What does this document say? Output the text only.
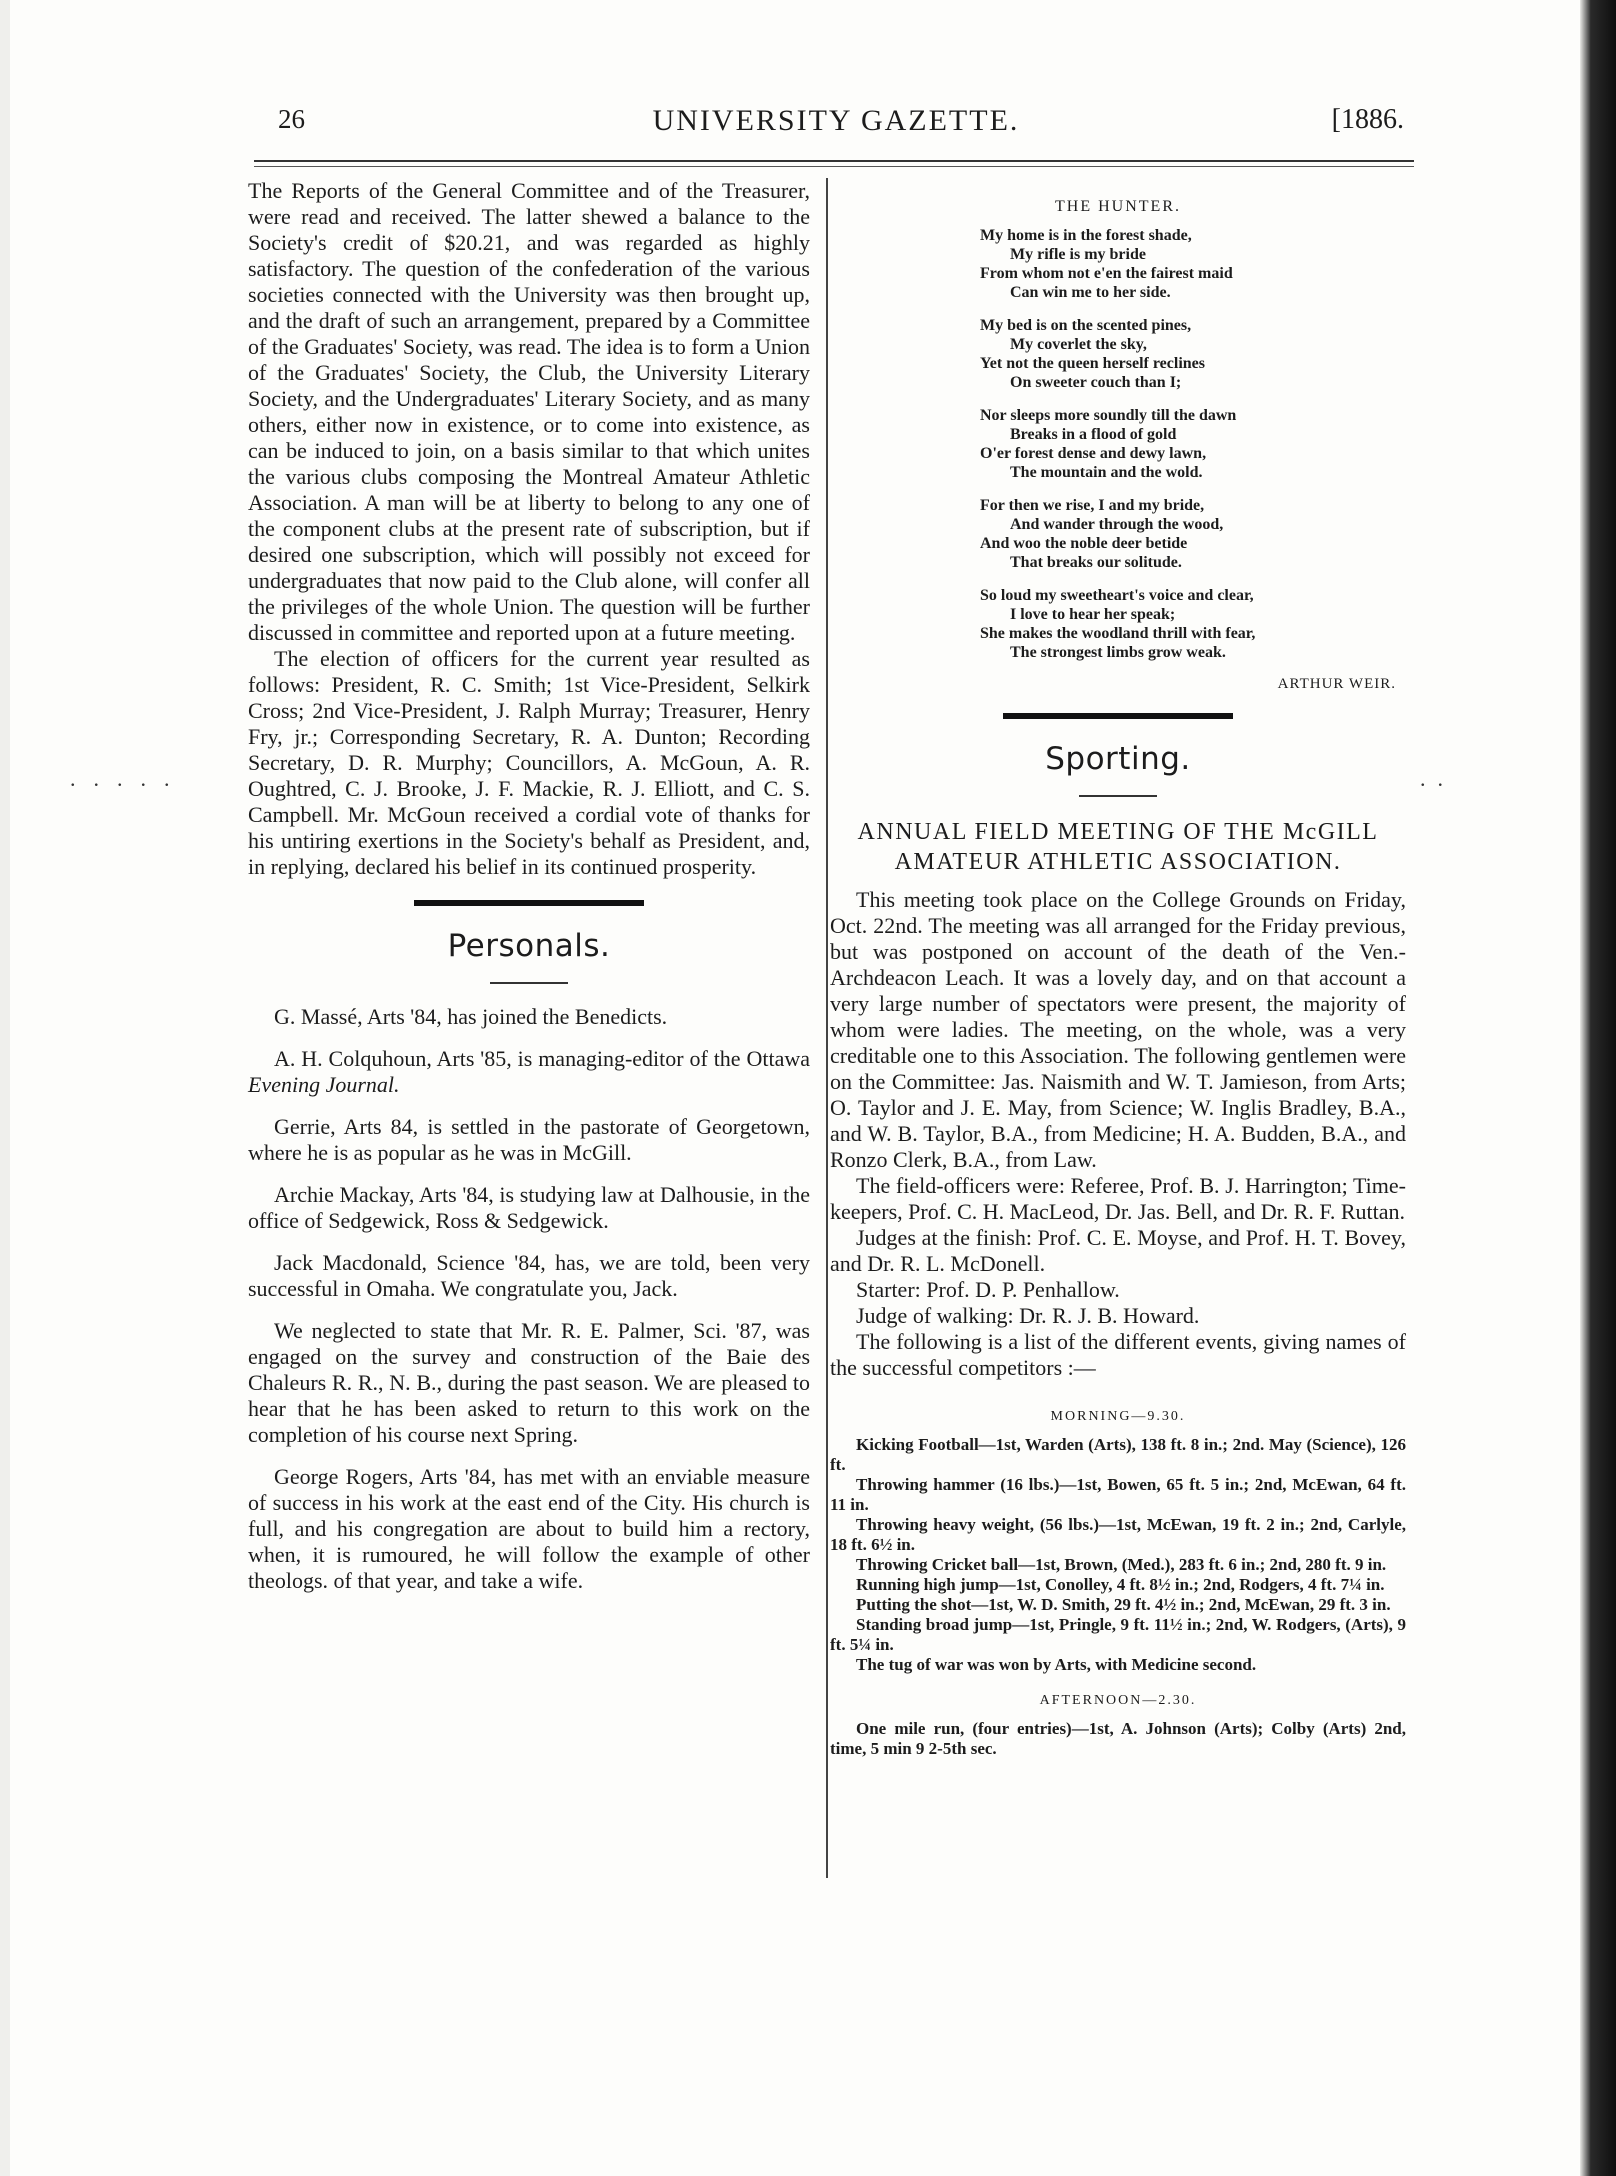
26	UNIVERSITY GAZETTE.	[1886.
.....	..

The Reports of the General Committee and of the Treasurer, were read and received. The latter shewed a balance to the Society's credit of $20.21, and was regarded as highly satisfactory. The question of the confederation of the various societies connected with the University was then brought up, and the draft of such an arrangement, prepared by a Committee of the Graduates' Society, was read. The idea is to form a Union of the Graduates' Society, the Club, the University Literary Society, and the Undergraduates' Literary Society, and as many others, either now in existence, or to come into existence, as can be induced to join, on a basis similar to that which unites the various clubs composing the Montreal Amateur Athletic Association. A man will be at liberty to belong to any one of the component clubs at the present rate of subscription, but if desired one subscription, which will possibly not exceed for undergraduates that now paid to the Club alone, will confer all the privileges of the whole Union. The question will be further discussed in committee and reported upon at a future meeting.

The election of officers for the current year resulted as follows: President, R. C. Smith; 1st Vice-President, Selkirk Cross; 2nd Vice-President, J. Ralph Murray; Treasurer, Henry Fry, jr.; Corresponding Secretary, R. A. Dunton; Recording Secretary, D. R. Murphy; Councillors, A. McGoun, A. R. Oughtred, C. J. Brooke, J. F. Mackie, R. J. Elliott, and C. S. Campbell. Mr. McGoun received a cordial vote of thanks for his untiring exertions in the Society's behalf as President, and, in replying, declared his belief in its continued prosperity.

Personals.

G. Massé, Arts '84, has joined the Benedicts.

A. H. Colquhoun, Arts '85, is managing-editor of the Ottawa Evening Journal.

Gerrie, Arts 84, is settled in the pastorate of Georgetown, where he is as popular as he was in McGill.

Archie Mackay, Arts '84, is studying law at Dalhousie, in the office of Sedgewick, Ross & Sedgewick.

Jack Macdonald, Science '84, has, we are told, been very successful in Omaha. We congratulate you, Jack.

We neglected to state that Mr. R. E. Palmer, Sci. '87, was engaged on the survey and construction of the Baie des Chaleurs R. R., N. B., during the past season. We are pleased to hear that he has been asked to return to this work on the completion of his course next Spring.

George Rogers, Arts '84, has met with an enviable measure of success in his work at the east end of the City. His church is full, and his congregation are about to build him a rectory, when, it is rumoured, he will follow the example of other theologs. of that year, and take a wife.

THE HUNTER.
My home is in the forest shade,
My rifle is my bride
From whom not e'en the fairest maid
Can win me to her side.
My bed is on the scented pines,
My coverlet the sky,
Yet not the queen herself reclines
On sweeter couch than I;
Nor sleeps more soundly till the dawn
Breaks in a flood of gold
O'er forest dense and dewy lawn,
The mountain and the wold.
For then we rise, I and my bride,
And wander through the wood,
And woo the noble deer betide
That breaks our solitude.
So loud my sweetheart's voice and clear,
I love to hear her speak;
She makes the woodland thrill with fear,
The strongest limbs grow weak.
ARTHUR WEIR.
Sporting.
ANNUAL FIELD MEETING OF THE McGILL
AMATEUR ATHLETIC ASSOCIATION.

This meeting took place on the College Grounds on Friday, Oct. 22nd. The meeting was all arranged for the Friday previous, but was postponed on account of the death of the Ven.-Archdeacon Leach. It was a lovely day, and on that account a very large number of spectators were present, the majority of whom were ladies. The meeting, on the whole, was a very creditable one to this Association. The following gentlemen were on the Committee: Jas. Naismith and W. T. Jamieson, from Arts; O. Taylor and J. E. May, from Science; W. Inglis Bradley, B.A., and W. B. Taylor, B.A., from Medicine; H. A. Budden, B.A., and Ronzo Clerk, B.A., from Law.

The field-officers were: Referee, Prof. B. J. Harrington; Time-keepers, Prof. C. H. MacLeod, Dr. Jas. Bell, and Dr. R. F. Ruttan.

Judges at the finish: Prof. C. E. Moyse, and Prof. H. T. Bovey, and Dr. R. L. McDonell.

Starter: Prof. D. P. Penhallow.

Judge of walking: Dr. R. J. B. Howard.

The following is a list of the different events, giving names of the successful competitors :—

MORNING—9.30.

Kicking Football—1st, Warden (Arts), 138 ft. 8 in.; 2nd. May (Science), 126 ft.

Throwing hammer (16 lbs.)—1st, Bowen, 65 ft. 5 in.; 2nd, McEwan, 64 ft. 11 in.

Throwing heavy weight, (56 lbs.)—1st, McEwan, 19 ft. 2 in.; 2nd, Carlyle, 18 ft. 6½ in.

Throwing Cricket ball—1st, Brown, (Med.), 283 ft. 6 in.; 2nd, 280 ft. 9 in.

Running high jump—1st, Conolley, 4 ft. 8½ in.; 2nd, Rodgers, 4 ft. 7¼ in.

Putting the shot—1st, W. D. Smith, 29 ft. 4½ in.; 2nd, McEwan, 29 ft. 3 in.

Standing broad jump—1st, Pringle, 9 ft. 11½ in.; 2nd, W. Rodgers, (Arts), 9 ft. 5¼ in.

The tug of war was won by Arts, with Medicine second.

AFTERNOON—2.30.

One mile run, (four entries)—1st, A. Johnson (Arts); Colby (Arts) 2nd, time, 5 min 9 2-5th sec.
